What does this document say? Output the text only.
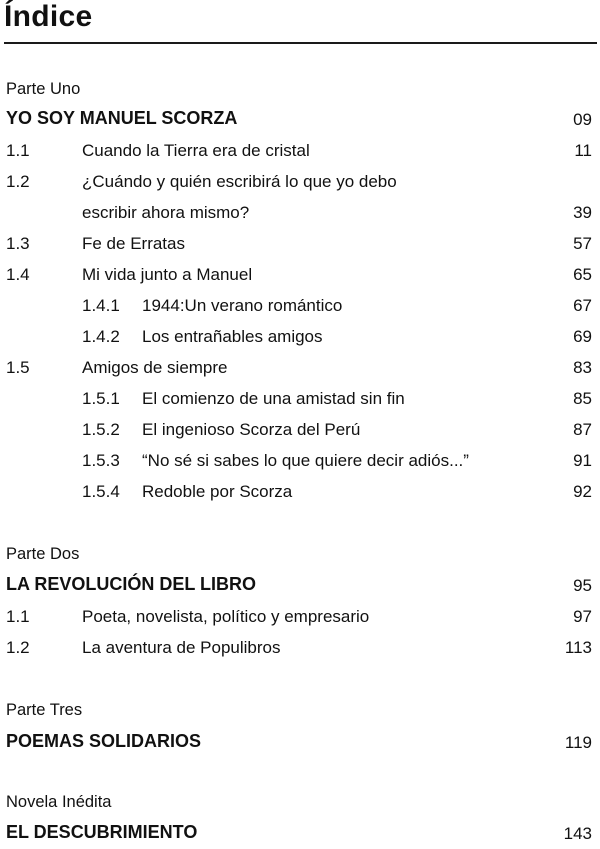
Índice
Parte Uno
YO SOY MANUEL SCORZA	09
1.1	Cuando la Tierra era de cristal	11
1.2	¿Cuándo y quién escribirá lo que yo debo
escribir ahora mismo?	39
1.3	Fe de Erratas	57
1.4	Mi vida junto a Manuel	65
1.4.1 1944:Un verano romántico	67
1.4.2 Los entrañables amigos	69
1.5	Amigos de siempre	83
1.5.1 El comienzo de una amistad sin fin	85
1.5.2 El ingenioso Scorza del Perú	87
1.5.3 “No sé si sabes lo que quiere decir adiós...”	91
1.5.4 Redoble por Scorza	92
Parte Dos
LA REVOLUCIÓN DEL LIBRO	95
1.1	Poeta, novelista, político y empresario	97
1.2	La aventura de Populibros	113
Parte Tres
POEMAS SOLIDARIOS	119
Novela Inédita
EL DESCUBRIMIENTO	143
